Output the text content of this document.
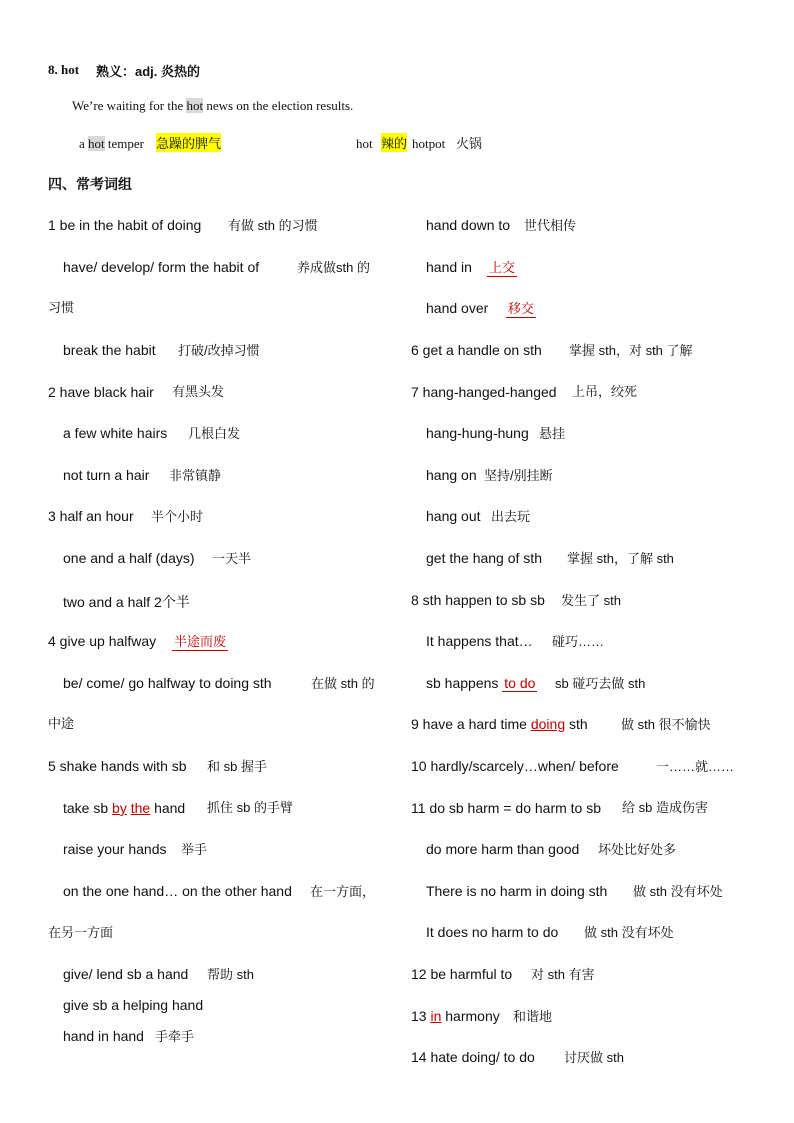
8. hot 熟义：adj. 炎热的
We’re waiting for the hot news on the election results.
a hot temper 急躁的脾气	hot 辣的 hotpot 火锅
四、常考词组
1 be in the habit of doing 有做 sth 的习惯
have/ develop/ form the habit of	养成做sth 的
习惯
break the habit 打破/改掉习惯
2 have black hair 有黑头发
a few white hairs 几根白发
not turn a hair 非常镇静
3 half an hour 半个小时
one and a half (days) 一天半
two and a half 2个半
4 give up halfway 半途而废
be/ come/ go halfway to doing sth	在做 sth 的
中途
5 shake hands with sb 和 sb 握手
take sb by the hand 抓住 sb 的手臂
raise your hands 举手
on the one hand… on the other hand 在一方面，
在另一方面
give/ lend sb a hand 帮助 sth
give sb a helping hand
hand in hand 手牵手
hand down to 世代相传
hand in 上交
hand over 移交
6 get a handle on sth 掌握 sth，对 sth 了解
7 hang-hanged-hanged 上吊，绞死
hang-hung-hung 悬挂
hang on 坚持/别挂断
hang out 出去玩
get the hang of sth 掌握 sth，了解 sth
8 sth happen to sb sb 发生了 sth
It happens that… 碰巧……
sb happens to do sb 碰巧去做 sth
9 have a hard time doing sth	做 sth 很不愉快
10 hardly/scarcely…when/ before	一……就……
11 do sb harm = do harm to sb 给 sb 造成伤害
do more harm than good 坏处比好处多
There is no harm in doing sth 做 sth 没有坏处
It does no harm to do 做 sth 没有坏处
12 be harmful to 对 sth 有害
13 in harmony 和谐地
14 hate doing/ to do 讨厌做 sth
